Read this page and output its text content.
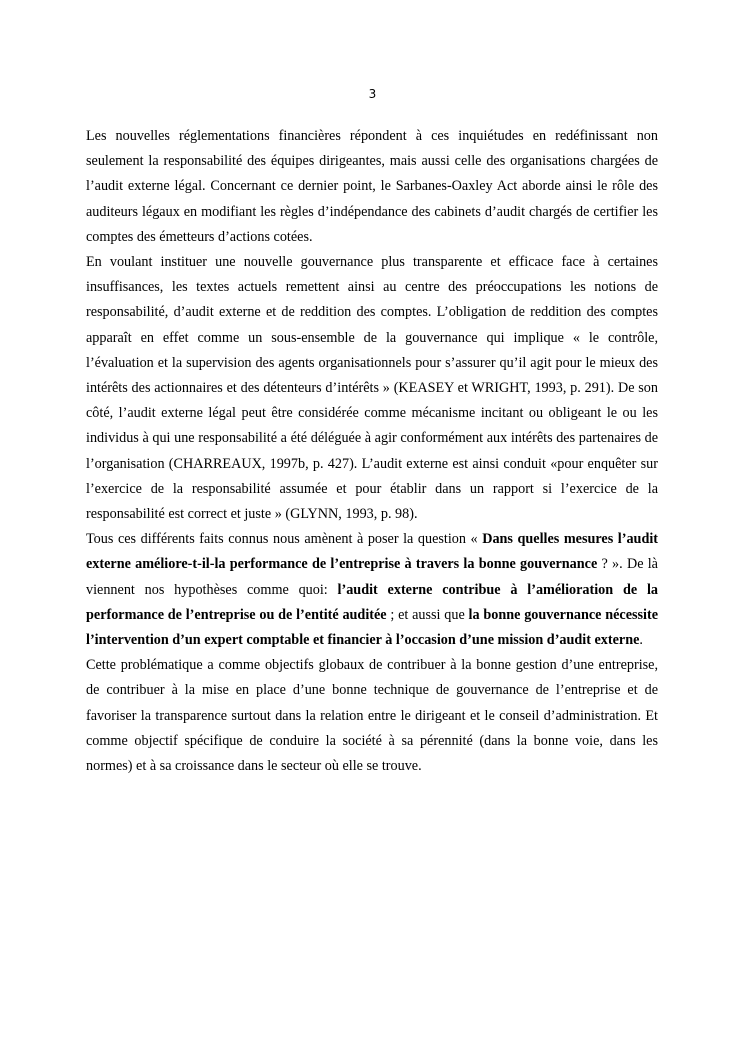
3

Les nouvelles réglementations financières répondent à ces inquiétudes en redéfinissant non seulement la responsabilité des équipes dirigeantes, mais aussi celle des organisations chargées de l’audit externe légal. Concernant ce dernier point, le Sarbanes-Oaxley Act aborde ainsi le rôle des auditeurs légaux en modifiant les règles d’indépendance des cabinets d’audit chargés de certifier les comptes des émetteurs d’actions cotées.

En voulant instituer une nouvelle gouvernance plus transparente et efficace face à certaines insuffisances, les textes actuels remettent ainsi au centre des préoccupations les notions de responsabilité, d’audit externe et de reddition des comptes. L’obligation de reddition des comptes apparaît en effet comme un sous-ensemble de la gouvernance qui implique « le contrôle, l’évaluation et la supervision des agents organisationnels pour s’assurer qu’il agit pour le mieux des intérêts des actionnaires et des détenteurs d’intérêts » (KEASEY et WRIGHT, 1993, p. 291). De son côté, l’audit externe légal peut être considérée comme mécanisme incitant ou obligeant le ou les individus à qui une responsabilité a été déléguée à agir conformément aux intérêts des partenaires de l’organisation (CHARREAUX, 1997b, p. 427). L’audit externe est ainsi conduit «pour enquêter sur l’exercice de la responsabilité assumée et pour établir dans un rapport si l’exercice de la responsabilité est correct et juste » (GLYNN, 1993, p. 98).

Tous ces différents faits connus nous amènent à poser la question « Dans quelles mesures l’audit externe améliore-t-il-la performance de l’entreprise à travers la bonne gouvernance ? ». De là viennent nos hypothèses comme quoi: l’audit externe contribue à l’amélioration de la performance de l’entreprise ou de l’entité auditée ; et aussi que la bonne gouvernance nécessite l’intervention d’un expert comptable et financier à l’occasion d’une mission d’audit externe.

Cette problématique a comme objectifs globaux de contribuer à la bonne gestion d’une entreprise, de contribuer à la mise en place d’une bonne technique de gouvernance de l’entreprise et de favoriser la transparence surtout dans la relation entre le dirigeant et le conseil d’administration. Et comme objectif spécifique de conduire la société à sa pérennité (dans la bonne voie, dans les normes) et à sa croissance dans le secteur où elle se trouve.
